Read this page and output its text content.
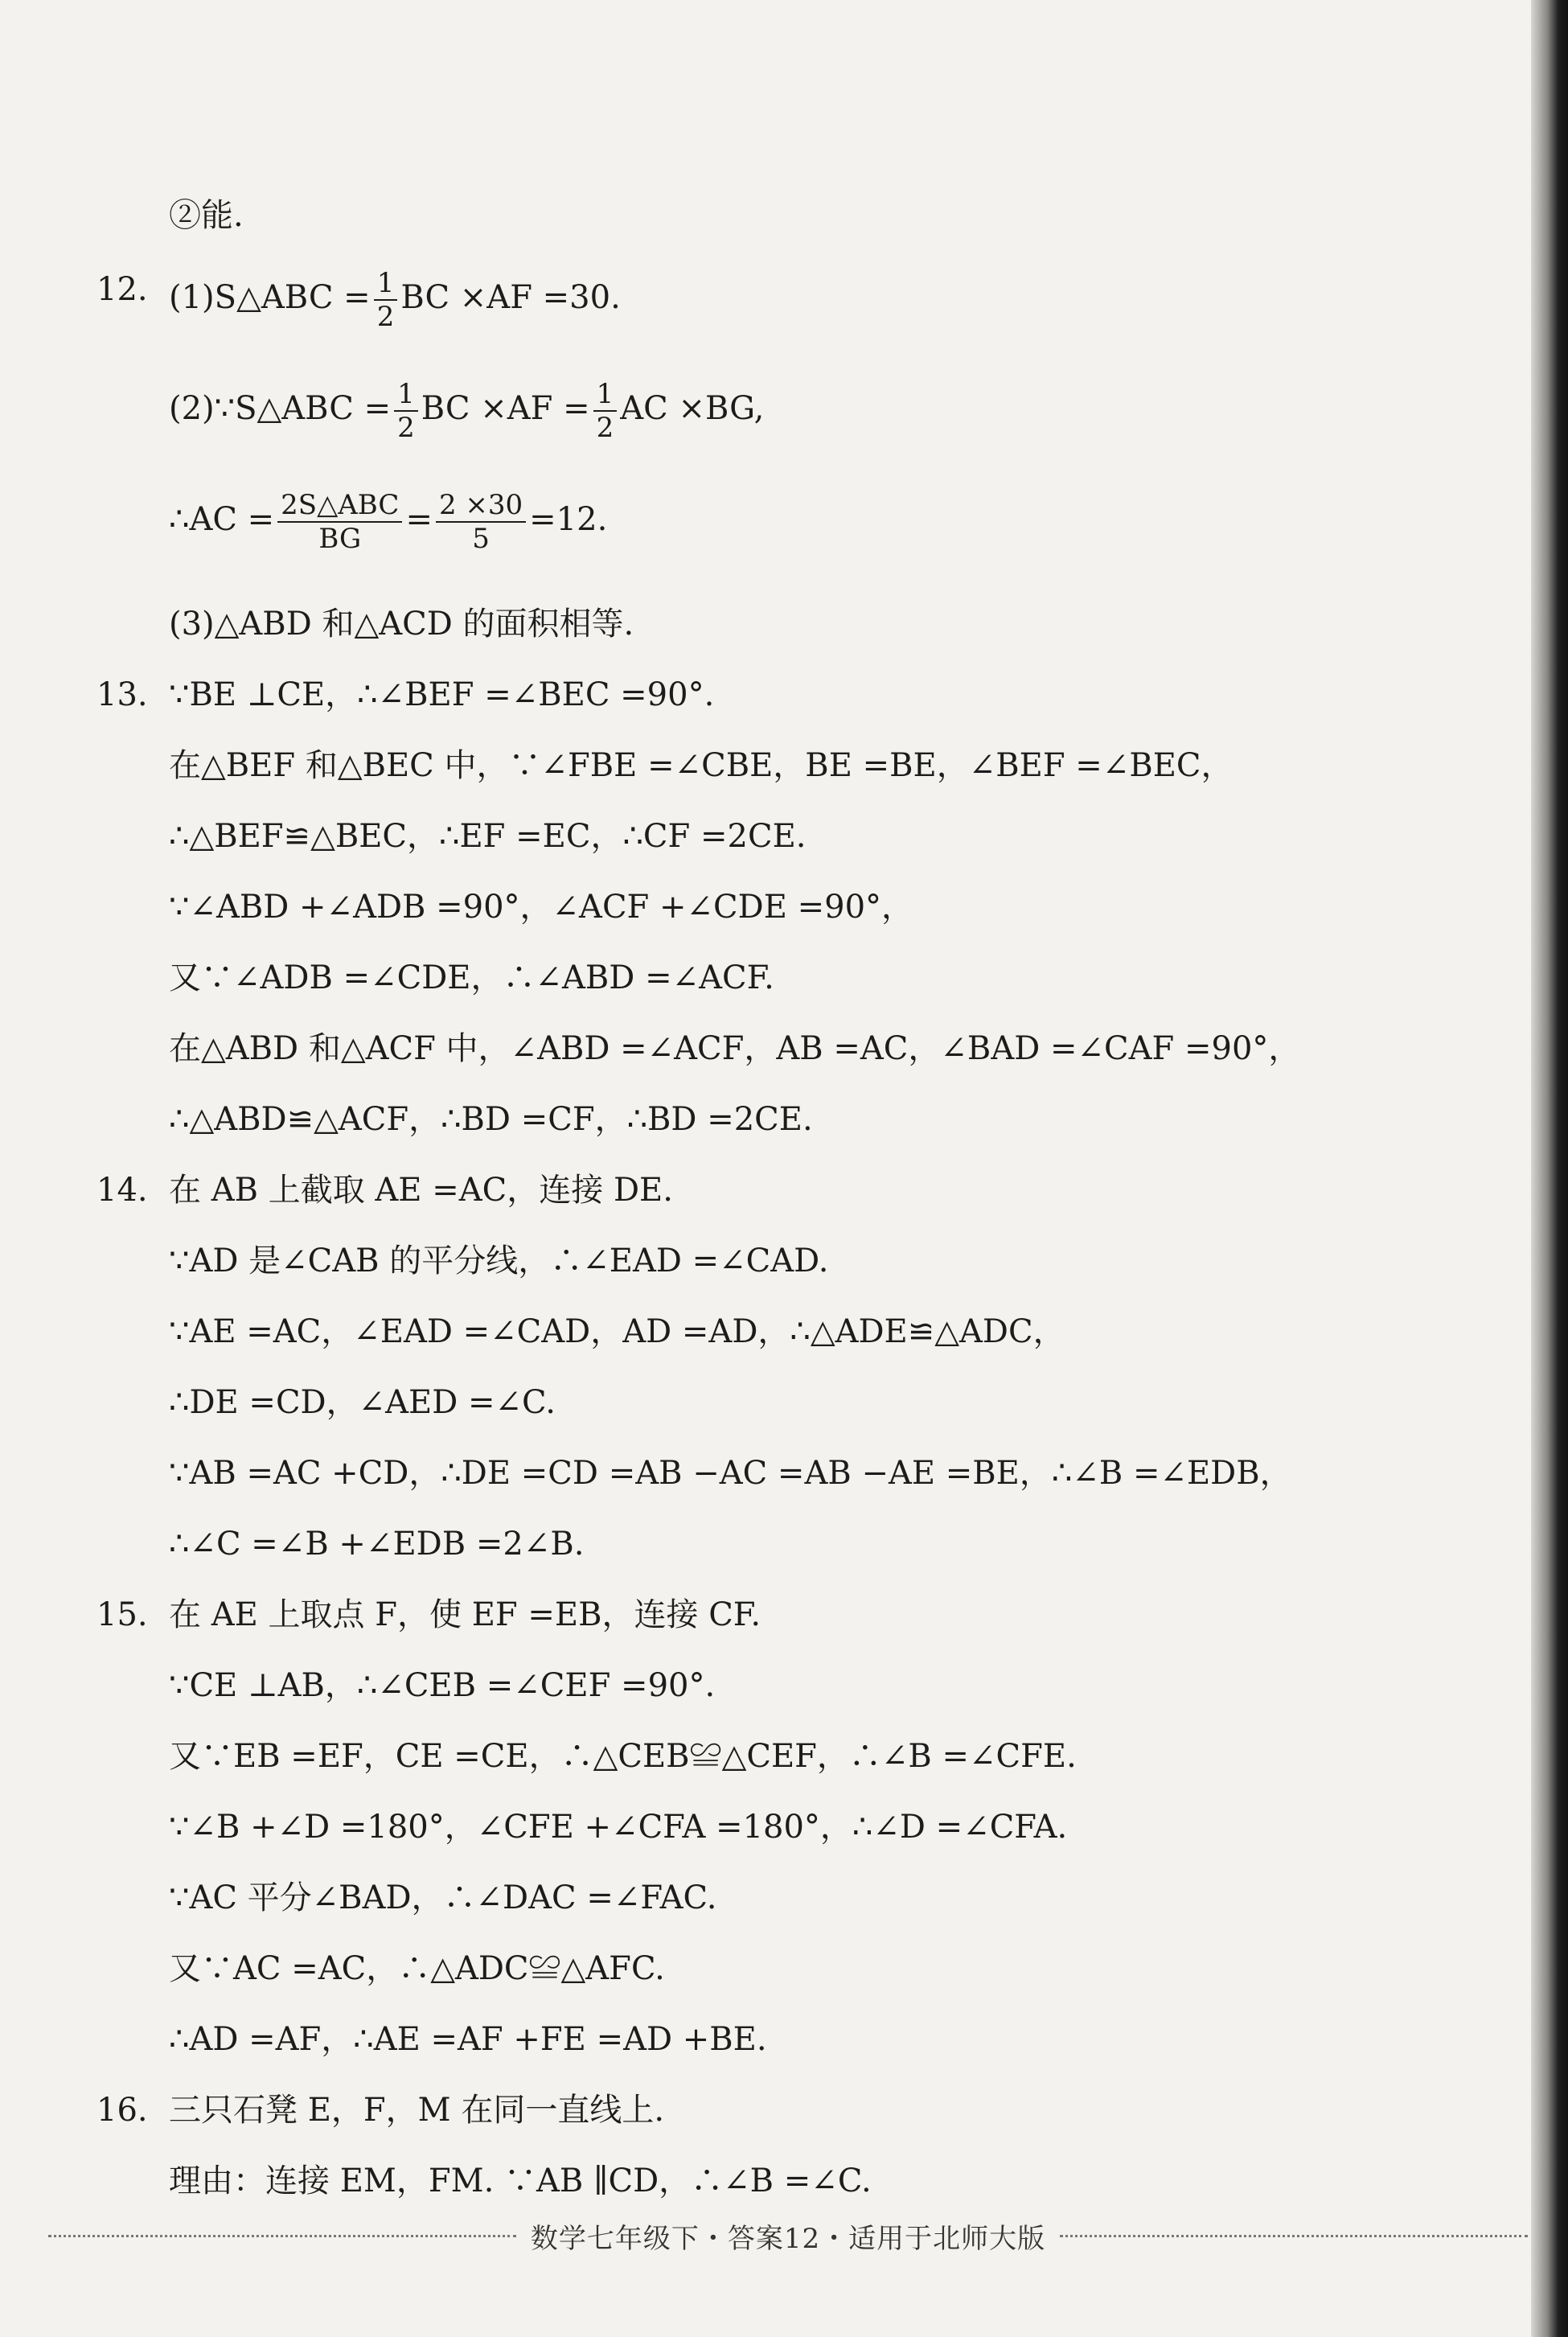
②能.
12. (1)S△ABC = $\frac{1}{2}$ BC ×AF =30.
(2)∵S△ABC = $\frac{1}{2}$ BC $\times AF = \frac{1}{2}$ AC ×BG,
∴AC = $\frac{\text{2S△ABC}}{BG} = \frac{2 \times 30}{5} =12$.
(3)△ABD 和△ACD 的面积相等.
13. ∵BE ⊥CE，∴∠BEF =∠BEC =90°.
在△BEF 和△BEC 中，∵∠FBE =∠CBE，BE =BE，∠BEF =∠BEC，
∴△BEF≌△BEC，∴EF =EC，∴CF =2CE.
∵∠ABD +∠ADB =90°，∠ACF +∠CDE =90°，
又∵∠ADB =∠CDE，∴∠ABD =∠ACF.
在△ABD 和△ACF 中，∠ABD =∠ACF，AB =AC，∠BAD =∠CAF =90°，
∴△ABD≌△ACF，∴BD =CF，∴BD =2CE.
14. 在 AB 上截取 AE =AC，连接 DE.
∵AD 是∠CAB 的平分线，∴∠EAD =∠CAD.
∵AE =AC，∠EAD =∠CAD，AD =AD，∴△ADE≌△ADC，
∴DE =CD，∠AED =∠C.
∵AB =AC +CD，∴DE =CD =AB −AC =AB −AE =BE，∴∠B =∠EDB，
∴∠C =∠B +∠EDB =2∠B.
15. 在 AE 上取点 F，使 EF =EB，连接 CF.
∵CE ⊥AB，∴∠CEB =∠CEF =90°.
又∵EB =EF，CE =CE，∴△CEB≌△CEF，∴∠B =∠CFE.
∵∠B +∠D =180°，∠CFE +∠CFA =180°，∴∠D =∠CFA.
∵AC 平分∠BAD，∴∠DAC =∠FAC.
又∵AC =AC，∴△ADC≌△AFC.
∴AD =AF，∴AE =AF +FE =AD +BE.
16. 三只石凳 E，F，M 在同一直线上.
理由：连接 EM，FM. ∵AB ∥CD，∴∠B =∠C.
数学七年级下・答案12・适用于北师大版
